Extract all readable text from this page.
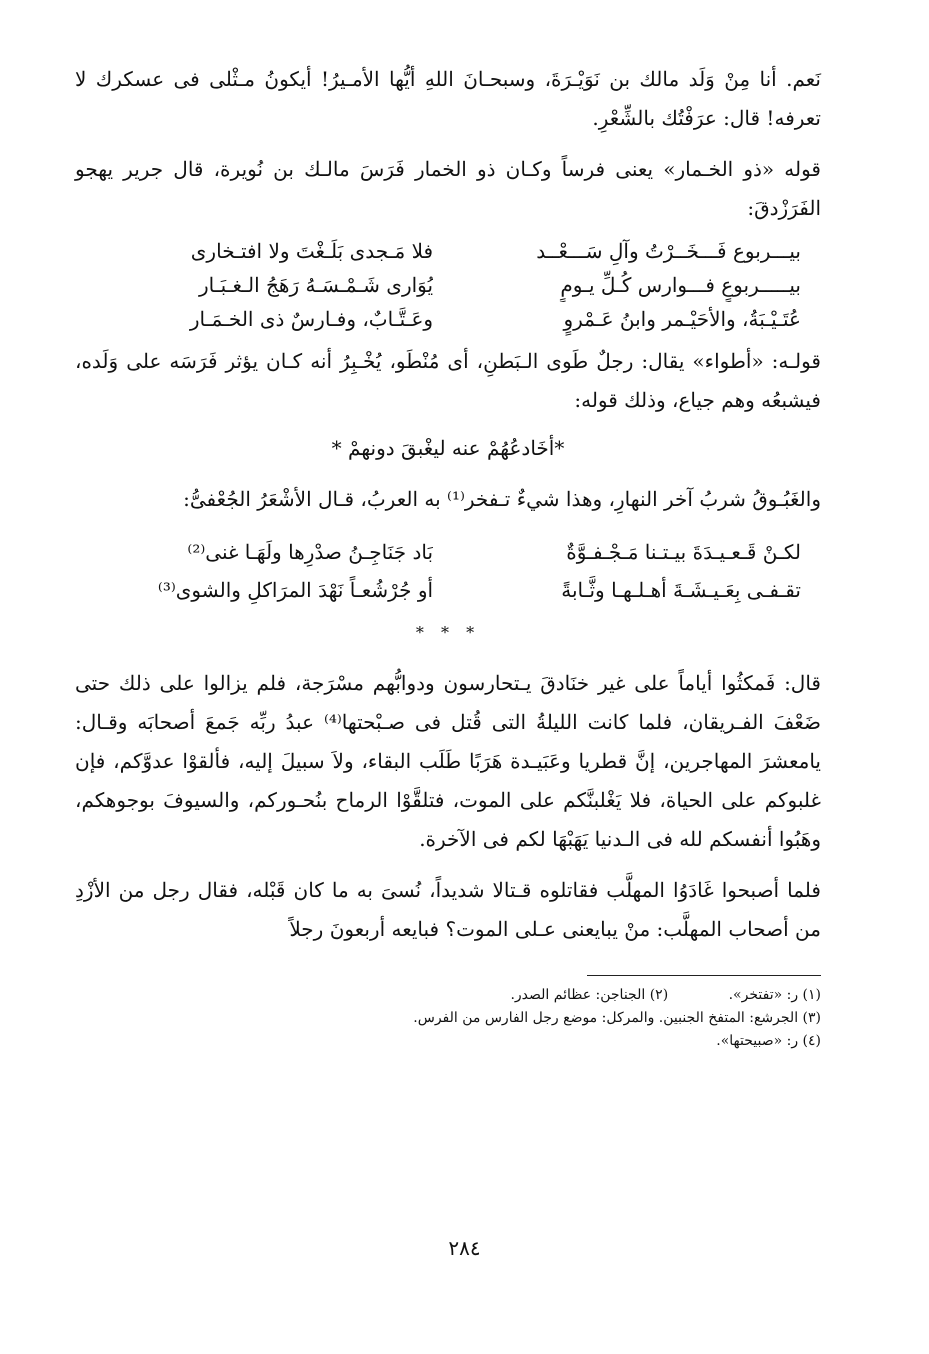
نَعم. أنا مِنْ وَلَد مالك بن نَوَيْـرَةَ، وسبحـانَ اللهِ أيُّها الأمـيرُ! أيكونُ مـثْلى فى عسكرك لا تعرفه! قال: عرَفْتُك بالشِّعْرِ.

قوله «ذو الخـمار» يعنى فرساً وكـان ذو الخمار فَرَسَ مالـك بن نُويرة، قال جرير يهجو الفَرَزْدقَ:

بيـــربوع فَـــخَــرْتُ وآلِ سَـــعْــد
فلا مَـجدى بَلَـغْتَ ولا افتـخارى
بيـــــربوعٍ فـــوارس كُـلِّ يـومٍ
يُوَارى شَـمْـسَـهُ رَهَجُ الـغـبَـار
عُتَـيْـبَةُ، والأحَيْـمر وابنُ عَـمْروٍ
وعَـتَّـابٌ، وفـارسٌ ذى الخـمَـار

قولـه: «أطواء» يقال: رجلٌ طَوى الـبَطنِ، أى مُنْطَو، يُخْـبِرُ أنه كـان يؤثر فَرَسَه على وَلَده، فيشبعُه وهم جياع، وذلك قوله:

*أخَادعُهُمْ عنه ليغْبقَ دونهمْ *

والغَبُـوقُ شربُ آخر النهارِ، وهذا شيءٌ تـفخر⁽¹⁾ به العربُ، قـال الأشْعَرُ الجُعْفىُّ:

لكـنْ قَـعـيـدَةَ بيـتـنا مَـجْـفـوَّةٌ
بَاد جَنَاجِـنُ صدْرِها ولَهَـا غنى⁽²⁾
تقـفـى بِعَـيـشَـةَ أهـلـهـا وثَّـابةً
أو جُرْشُعـاً نَهْدَ المرَاكلِ والشوى⁽³⁾
* * *

قال: فَمكثُوا أياماً على غير خنَادقَ يـتحارسون ودوابُّهم مسْرَجة، فلم يزالوا على ذلك حتى ضَعْفَ الفـريقان، فلما كانت الليلةُ التى قُتل فى صـبْحتها⁽⁴⁾ عبدُ ربِّه جَمعَ أصحابَه وقـال: يامعشرَ المهاجرين، إنَّ قطريا وعَبَيـدة هَرَبًا طَلَب البقاء، ولاَ سبيلَ إليه، فألقوْا عدوَّكم، فإن غلبوكم على الحياة، فلا يَغْلبنَّكم على الموت، فتلقَّوْا الرماح بنُحـوركم، والسيوفَ بوجوهكم، وهَبُوا أنفسكم لله فى الـدنيا يَهَبْهَا لكم فى الآخرة.

فلما أصبحوا غَادَوُا المهلَّب فقاتلوه قـتالا شديداً، نُسىَ به ما كان قَبْله، فقال رجل من الأزْدِ من أصحاب المهلَّب: منْ يبايعنى عـلى الموت؟ فبايعه أربعونَ رجلاً

(١) ر: «تفتخر». (٢) الجناجن: عظائم الصدر.
(٣) الجرشع: المتفخ الجنبين. والمركل: موضع رجل الفارس من الفرس.
(٤) ر: «صبيحتها».
٢٨٤
